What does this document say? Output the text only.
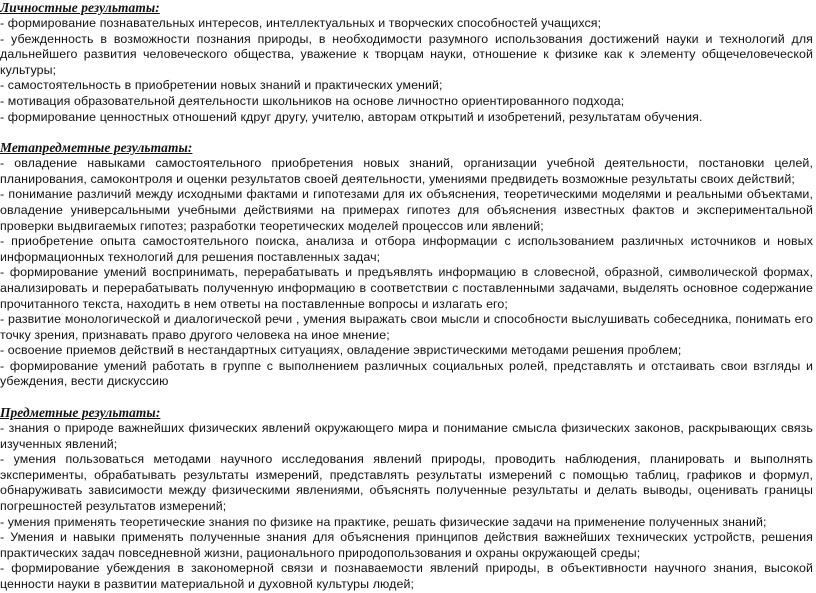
Личностные результаты:

- формирование познавательных интересов, интеллектуальных и творческих способностей учащихся;

- убежденность в возможности познания природы, в необходимости разумного использования достижений науки и технологий для дальнейшего развития человеческого общества, уважение к творцам науки, отношение к физике как к элементу общечеловеческой культуры;

- самостоятельность в приобретении новых знаний и практических умений;

- мотивация образовательной деятельности школьников на основе личностно ориентированного подхода;

- формирование ценностных отношений кдруг другу, учителю, авторам открытий и изобретений, результатам обучения.

Метапредметные результаты:

- овладение навыками самостоятельного приобретения новых знаний, организации учебной деятельности, постановки целей, планирования, самоконтроля и оценки результатов своей деятельности, умениями предвидеть возможные результаты своих действий;

- понимание различий между исходными фактами и гипотезами для их объяснения, теоретическими моделями и реальными объектами, овладение универсальными учебными действиями на примерах гипотез для объяснения известных фактов и экспериментальной проверки выдвигаемых гипотез; разработки теоретических моделей процессов или явлений;

- приобретение опыта самостоятельного поиска, анализа и отбора информации с использованием различных источников и новых информационных технологий для решения поставленных задач;

- формирование умений воспринимать, перерабатывать и предъявлять информацию в словесной, образной, символической формах, анализировать и перерабатывать полученную информацию в соответствии с поставленными задачами, выделять основное содержание прочитанного текста, находить в нем ответы на поставленные вопросы и излагать его;

- развитие монологической и диалогической речи , умения выражать свои мысли и способности выслушивать собеседника, понимать его точку зрения, признавать право другого человека на иное мнение;

- освоение приемов действий в нестандартных ситуациях, овладение эвристическими методами решения проблем;

- формирование умений работать в группе с выполнением различных социальных ролей, представлять и отстаивать свои взгляды и убеждения, вести дискуссию

Предметные результаты:

- знания о природе важнейших физических явлений окружающего мира и понимание смысла физических законов, раскрывающих связь изученных явлений;

- умения пользоваться методами научного исследования явлений природы, проводить наблюдения, планировать и выполнять эксперименты, обрабатывать результаты измерений, представлять результаты измерений с помощью таблиц, графиков и формул, обнаруживать зависимости между физическими явлениями, объяснять полученные результаты и делать выводы, оценивать границы погрешностей результатов измерений;

- умения применять теоретические знания по физике на практике, решать физические задачи на применение полученных знаний;

- Умения и навыки применять полученные знания для объяснения принципов действия важнейших технических устройств, решения практических задач повседневной жизни, рационального природопользования и охраны окружающей среды;

- формирование убеждения в закономерной связи и познаваемости явлений природы, в объективности научного знания, высокой ценности науки в развитии материальной и духовной культуры людей;
